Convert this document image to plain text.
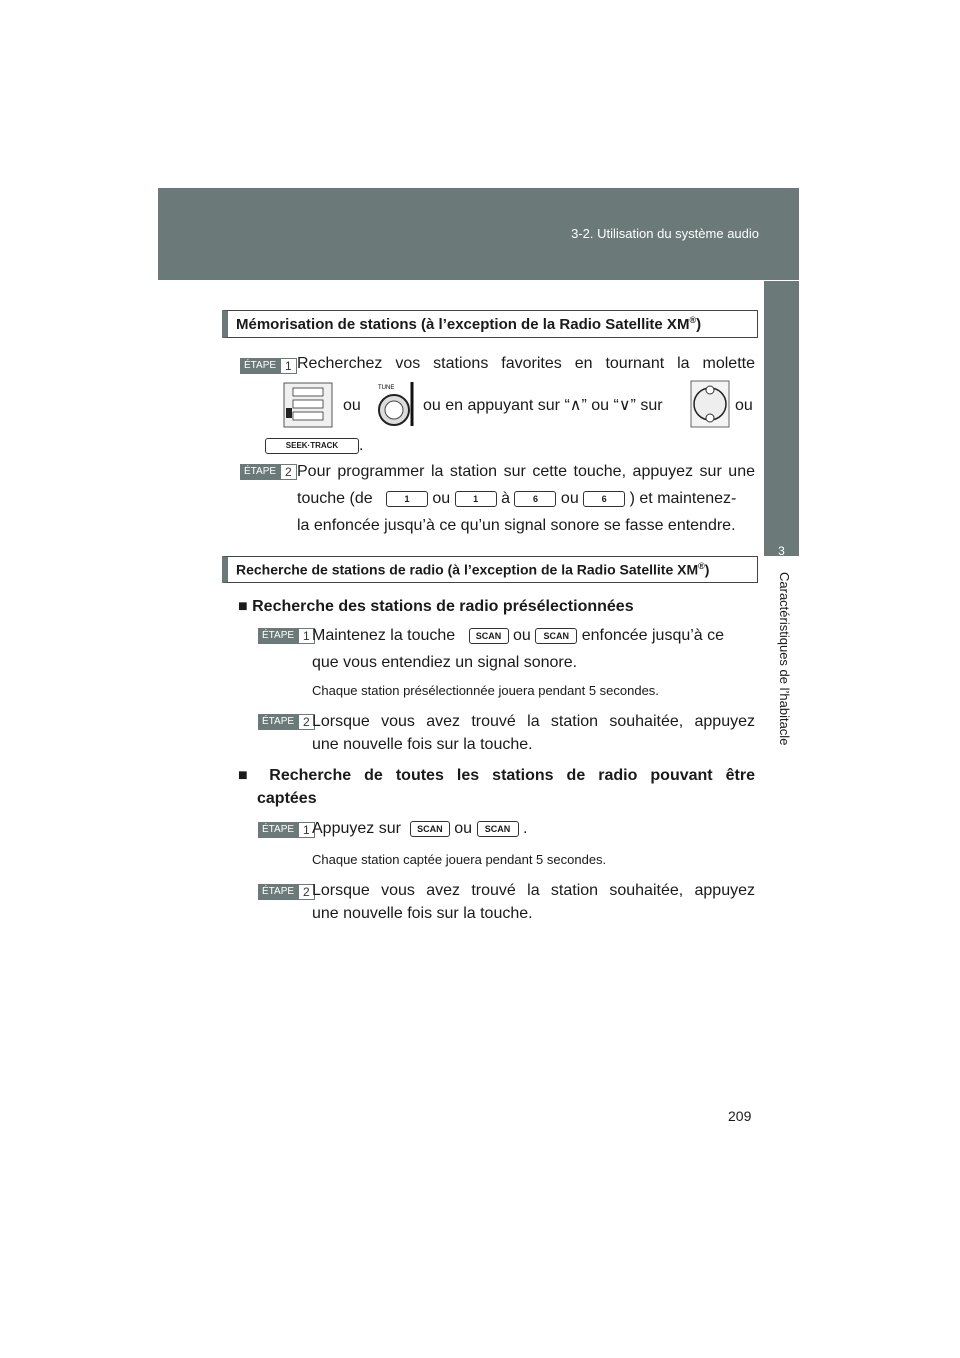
3-2. Utilisation du système audio
3
Caractéristiques de l’habitacle
Mémorisation de stations (à l’exception de la Radio Satellite XM®)
ÉTAPE 1 Recherchez vos stations favorites en tournant la molette
ou
TUNE
ou en appuyant sur “∧” ou “∨” sur	ou
SEEK·TRACK .
ÉTAPE 2 Pour programmer la station sur cette touche, appuyez sur une
touche (de	1 ou	1 à	6 ou	6 ) et maintenez-
la enfoncée jusqu’à ce qu’un signal sonore se fasse entendre.
Recherche de stations de radio (à l’exception de la Radio Satellite XM®)
■ Recherche des stations de radio présélectionnées
ÉTAPE 1 Maintenez la touche SCAN ou SCAN enfoncée jusqu’à ce
que vous entendiez un signal sonore.
Chaque station présélectionnée jouera pendant 5 secondes.
ÉTAPE 2 Lorsque vous avez trouvé la station souhaitée, appuyez
une nouvelle fois sur la touche.
■ Recherche de toutes les stations de radio pouvant être
captées
ÉTAPE 1 Appuyez sur SCAN ou SCAN .
Chaque station captée jouera pendant 5 secondes.
ÉTAPE 2 Lorsque vous avez trouvé la station souhaitée, appuyez
une nouvelle fois sur la touche.
209
